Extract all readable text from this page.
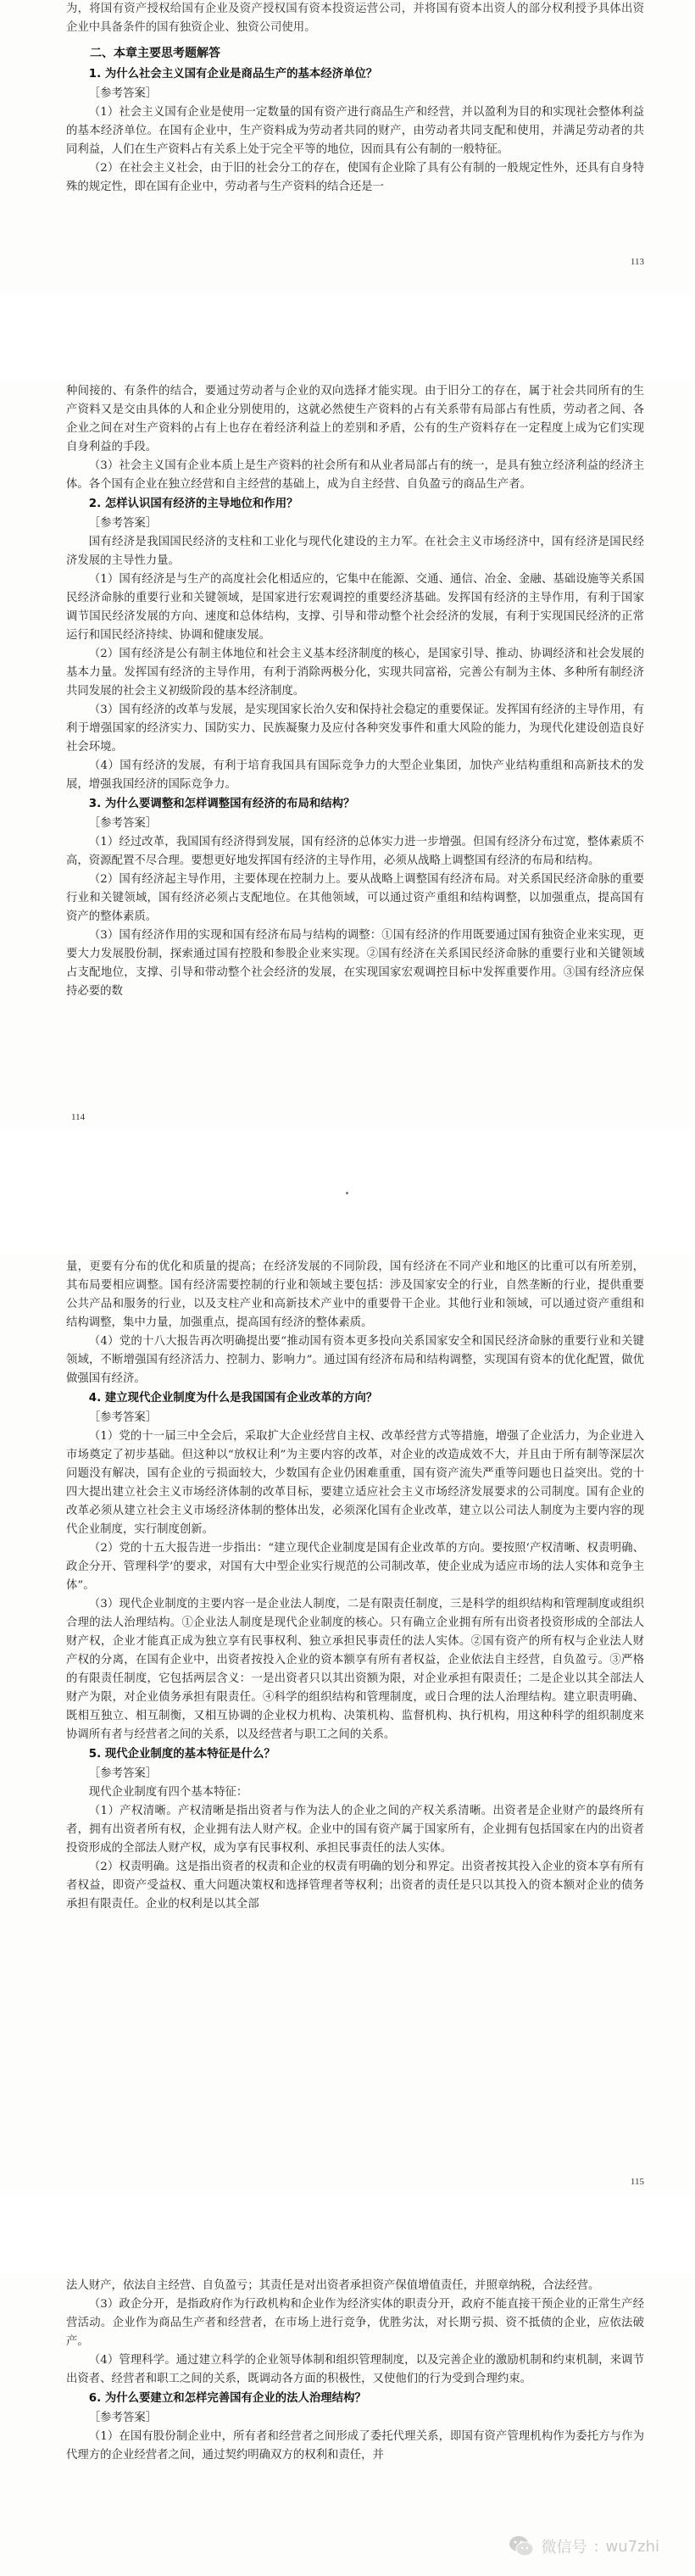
为，将国有资产授权给国有企业及资产授权国有资本投资运营公司，并将国有资本出资人的部分权利授予具体出资企业中具备条件的国有独资企业、独资公司使用。

二、本章主要思考题解答
1. 为什么社会主义国有企业是商品生产的基本经济单位？
［参考答案］

（1）社会主义国有企业是使用一定数量的国有资产进行商品生产和经营，并以盈利为目的和实现社会整体利益的基本经济单位。在国有企业中，生产资料成为劳动者共同的财产，由劳动者共同支配和使用，并满足劳动者的共同利益，人们在生产资料占有关系上处于完全平等的地位，因而具有公有制的一般特征。

（2）在社会主义社会，由于旧的社会分工的存在，使国有企业除了具有公有制的一般规定性外，还具有自身特殊的规定性，即在国有企业中，劳动者与生产资料的结合还是一

113

种间接的、有条件的结合，要通过劳动者与企业的双向选择才能实现。由于旧分工的存在，属于社会共同所有的生产资料又是交由具体的人和企业分别使用的，这就必然使生产资料的占有关系带有局部占有性质，劳动者之间、各企业之间在对生产资料的占有上也存在着经济利益上的差别和矛盾，公有的生产资料存在一定程度上成为它们实现自身利益的手段。

（3）社会主义国有企业本质上是生产资料的社会所有和从业者局部占有的统一，是具有独立经济利益的经济主体。各个国有企业在独立经营和自主经营的基础上，成为自主经营、自负盈亏的商品生产者。

2. 怎样认识国有经济的主导地位和作用？
［参考答案］

国有经济是我国国民经济的支柱和工业化与现代化建设的主力军。在社会主义市场经济中，国有经济是国民经济发展的主导性力量。

（1）国有经济是与生产的高度社会化相适应的，它集中在能源、交通、通信、冶金、金融、基础设施等关系国民经济命脉的重要行业和关键领域，是国家进行宏观调控的重要经济基础。发挥国有经济的主导作用，有利于国家调节国民经济发展的方向、速度和总体结构，支撑、引导和带动整个社会经济的发展，有利于实现国民经济的正常运行和国民经济持续、协调和健康发展。

（2）国有经济是公有制主体地位和社会主义基本经济制度的核心，是国家引导、推动、协调经济和社会发展的基本力量。发挥国有经济的主导作用，有利于消除两极分化，实现共同富裕，完善公有制为主体、多种所有制经济共同发展的社会主义初级阶段的基本经济制度。

（3）国有经济的改革与发展，是实现国家长治久安和保持社会稳定的重要保证。发挥国有经济的主导作用，有利于增强国家的经济实力、国防实力、民族凝聚力及应付各种突发事件和重大风险的能力，为现代化建设创造良好社会环境。

（4）国有经济的发展，有利于培育我国具有国际竞争力的大型企业集团，加快产业结构重组和高新技术的发展，增强我国经济的国际竞争力。

3. 为什么要调整和怎样调整国有经济的布局和结构？
［参考答案］

（1）经过改革，我国国有经济得到发展，国有经济的总体实力进一步增强。但国有经济分布过宽，整体素质不高，资源配置不尽合理。要想更好地发挥国有经济的主导作用，必须从战略上调整国有经济的布局和结构。

（2）国有经济起主导作用，主要体现在控制力上。要从战略上调整国有经济布局。对关系国民经济命脉的重要行业和关键领域，国有经济必须占支配地位。在其他领域，可以通过资产重组和结构调整，以加强重点，提高国有资产的整体素质。

（3）国有经济作用的实现和国有经济布局与结构的调整：①国有经济的作用既要通过国有独资企业来实现，更要大力发展股份制，探索通过国有控股和参股企业来实现。②国有经济在关系国民经济命脉的重要行业和关键领域占支配地位，支撑、引导和带动整个社会经济的发展，在实现国家宏观调控目标中发挥重要作用。③国有经济应保持必要的数

114

量，更要有分布的优化和质量的提高；在经济发展的不同阶段，国有经济在不同产业和地区的比重可以有所差别，其布局要相应调整。国有经济需要控制的行业和领域主要包括：涉及国家安全的行业，自然垄断的行业，提供重要公共产品和服务的行业，以及支柱产业和高新技术产业中的重要骨干企业。其他行业和领域，可以通过资产重组和结构调整，集中力量，加强重点，提高国有经济的整体素质。

（4）党的十八大报告再次明确提出要“推动国有资本更多投向关系国家安全和国民经济命脉的重要行业和关键领域，不断增强国有经济活力、控制力、影响力”。通过国有经济布局和结构调整，实现国有资本的优化配置，做优做强国有经济。

4. 建立现代企业制度为什么是我国国有企业改革的方向？
［参考答案］

（1）党的十一届三中全会后，采取扩大企业经营自主权、改革经营方式等措施，增强了企业活力，为企业进入市场奠定了初步基础。但这种以“放权让利”为主要内容的改革，对企业的改造成效不大，并且由于所有制等深层次问题没有解决，国有企业的亏损面较大，少数国有企业仍困难重重，国有资产流失严重等问题也日益突出。党的十四大提出建立社会主义市场经济体制的改革目标，要建立适应社会主义市场经济发展要求的公司制度。国有企业的改革必须从建立社会主义市场经济体制的整体出发，必须深化国有企业改革，建立以公司法人制度为主要内容的现代企业制度，实行制度创新。

（2）党的十五大报告进一步指出：“建立现代企业制度是国有企业改革的方向。要按照‘产权清晰、权责明确、政企分开、管理科学’的要求，对国有大中型企业实行规范的公司制改革，使企业成为适应市场的法人实体和竞争主体”。

（3）现代企业制度的主要内容一是企业法人制度，二是有限责任制度，三是科学的组织结构和管理制度或组织合理的法人治理结构。①企业法人制度是现代企业制度的核心。只有确立企业拥有所有出资者投资形成的全部法人财产权，企业才能真正成为独立享有民事权利、独立承担民事责任的法人实体。②国有资产的所有权与企业法人财产权的分离，在国有企业中，出资者按投入企业的资本额享有所有者权益，企业依法自主经营，自负盈亏。③严格的有限责任制度，它包括两层含义：一是出资者只以其出资额为限，对企业承担有限责任；二是企业以其全部法人财产为限，对企业债务承担有限责任。④科学的组织结构和管理制度，或日合理的法人治理结构。建立职责明确、既相互独立、相互制衡，又相互协调的企业权力机构、决策机构、监督机构、执行机构，用这种科学的组织制度来协调所有者与经营者之间的关系，以及经营者与职工之间的关系。

5. 现代企业制度的基本特征是什么？
［参考答案］

现代企业制度有四个基本特征：

（1）产权清晰。产权清晰是指出资者与作为法人的企业之间的产权关系清晰。出资者是企业财产的最终所有者，拥有出资者所有权，企业拥有法人财产权。企业中的国有资产属于国家所有，企业拥有包括国家在内的出资者投资形成的全部法人财产权，成为享有民事权利、承担民事责任的法人实体。

（2）权责明确。这是指出资者的权责和企业的权责有明确的划分和界定。出资者按其投入企业的资本享有所有者权益，即资产受益权、重大问题决策权和选择管理者等权利；出资者的责任是只以其投入的资本额对企业的债务承担有限责任。企业的权利是以其全部

115

法人财产，依法自主经营、自负盈亏；其责任是对出资者承担资产保值增值责任，并照章纳税，合法经营。

（3）政企分开，是指政府作为行政机构和企业作为经济实体的职责分开，政府不能直接干预企业的正常生产经营活动。企业作为商品生产者和经营者，在市场上进行竞争，优胜劣汰，对长期亏损、资不抵债的企业，应依法破产。

（4）管理科学。通过建立科学的企业领导体制和组织管理制度，以及完善企业的激励机制和约束机制，来调节出资者、经营者和职工之间的关系，既调动各方面的积极性，又使他们的行为受到合理约束。

6. 为什么要建立和怎样完善国有企业的法人治理结构？
［参考答案］

（1）在国有股份制企业中，所有者和经营者之间形成了委托代理关系，即国有资产管理机构作为委托方与作为代理方的企业经营者之间，通过契约明确双方的权利和责任，并

微信号 : wu7zhi
